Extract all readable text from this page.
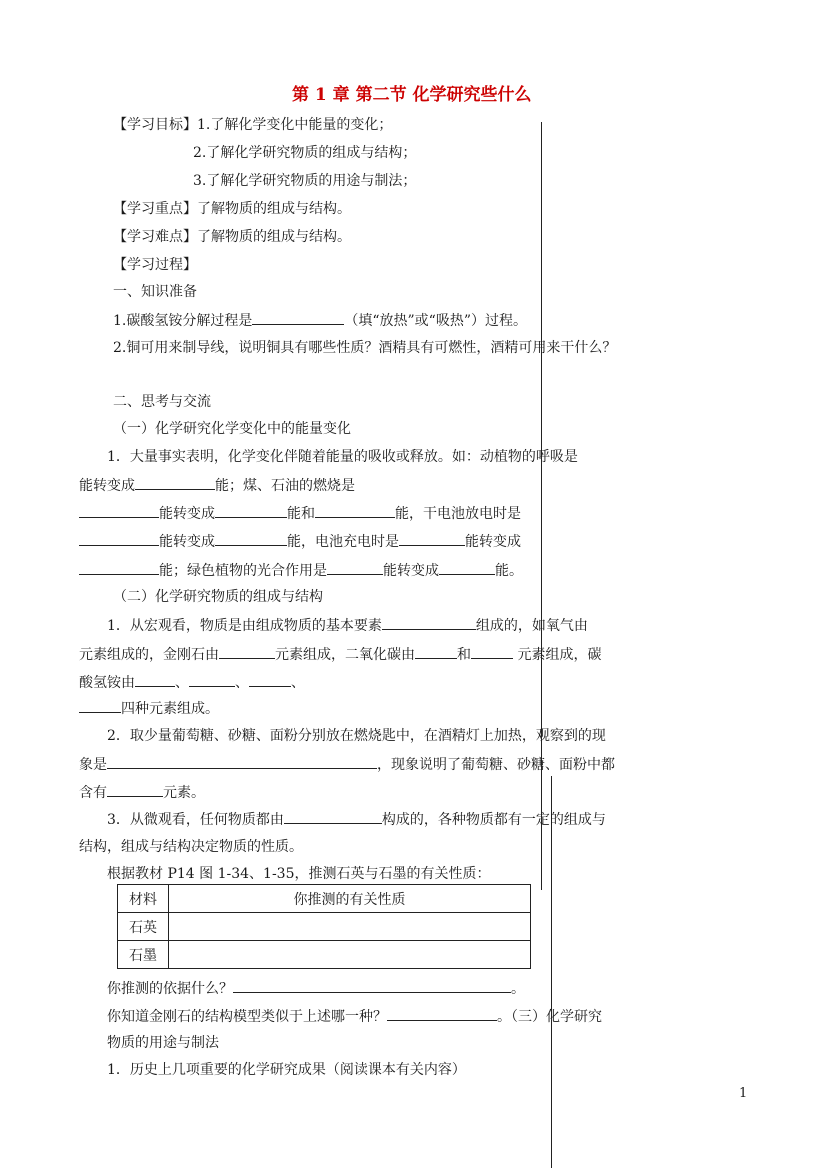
第 1 章 第二节 化学研究些什么
【学习目标】1.了解化学变化中能量的变化；
2.了解化学研究物质的组成与结构；
3.了解化学研究物质的用途与制法；
【学习重点】了解物质的组成与结构。
【学习难点】了解物质的组成与结构。
【学习过程】
一、知识准备
1.碳酸氢铵分解过程是	（填“放热”或“吸热”）过程。
2.铜可用来制导线，说明铜具有哪些性质？酒精具有可燃性，酒精可用来干什么？
二、思考与交流
（一）化学研究化学变化中的能量变化
1．大量事实表明，化学变化伴随着能量的吸收或释放。如：动植物的呼吸是
能转变成	能；煤、石油的燃烧是
能转变成	能和	能，干电池放电时是
能转变成	能，电池充电时是	能转变成
能；绿色植物的光合作用是	能转变成	能。
（二）化学研究物质的组成与结构
1．从宏观看，物质是由组成物质的基本要素	组成的，如氧气由
元素组成的，金刚石由	元素组成，二氧化碳由	和	元素组成，碳
酸氢铵由	、	、	、
四种元素组成。
2．取少量葡萄糖、砂糖、面粉分别放在燃烧匙中，在酒精灯上加热，观察到的现
象是	，现象说明了葡萄糖、砂糖、面粉中都
含有	元素。
3．从微观看，任何物质都由	构成的，各种物质都有一定的组成与
结构，组成与结构决定物质的性质。
根据教材 P14 图 1-34、1-35，推测石英与石墨的有关性质：
材料	你推测的有关性质
石英	
石墨	
你推测的依据什么？	。
你知道金刚石的结构模型类似于上述哪一种？	。（三）化学研究
物质的用途与制法
1．历史上几项重要的化学研究成果（阅读课本有关内容）
1
